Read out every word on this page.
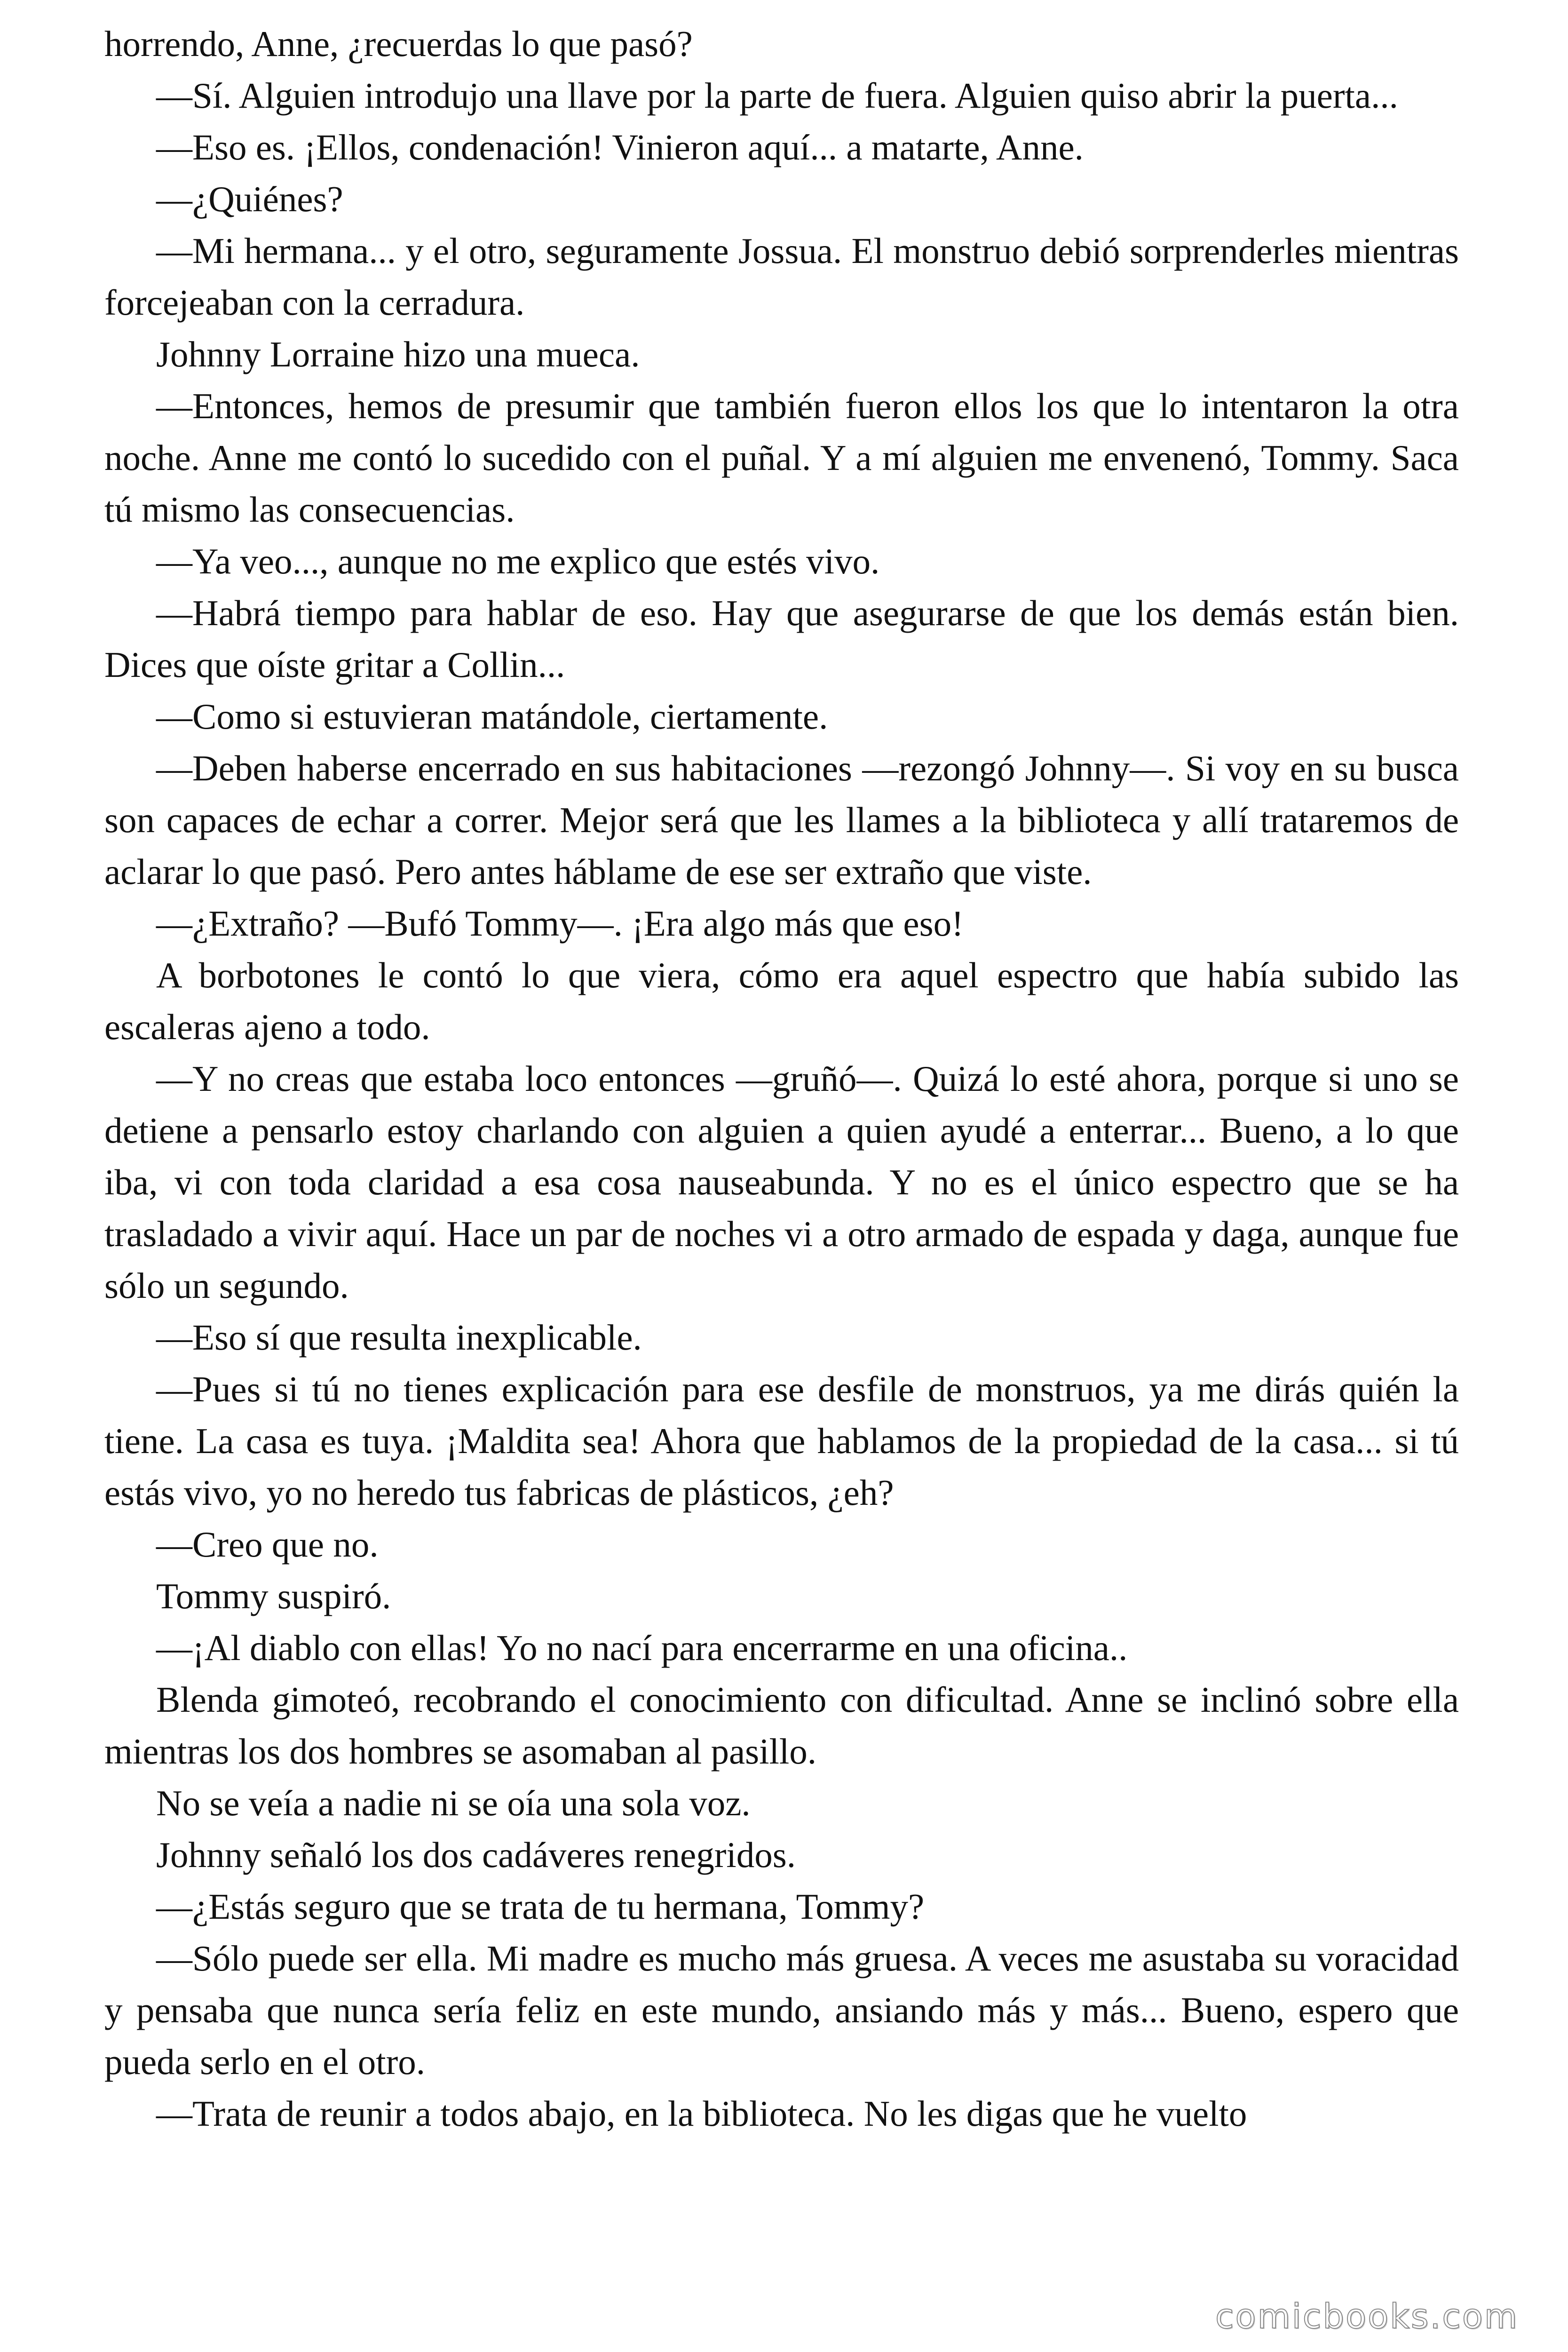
horrendo, Anne, ¿recuerdas lo que pasó?

—Sí. Alguien introdujo una llave por la parte de fuera. Alguien quiso abrir la puerta...

—Eso es. ¡Ellos, condenación! Vinieron aquí... a matarte, Anne.

—¿Quiénes?

—Mi hermana... y el otro, seguramente Jossua. El monstruo debió sorprenderles mientras forcejeaban con la cerradura.

Johnny Lorraine hizo una mueca.

—Entonces, hemos de presumir que también fueron ellos los que lo intentaron la otra noche. Anne me contó lo sucedido con el puñal. Y a mí alguien me envenenó, Tommy. Saca tú mismo las consecuencias.

—Ya veo..., aunque no me explico que estés vivo.

—Habrá tiempo para hablar de eso. Hay que asegurarse de que los demás están bien. Dices que oíste gritar a Collin...

—Como si estuvieran matándole, ciertamente.

—Deben haberse encerrado en sus habitaciones —rezongó Johnny—. Si voy en su busca son capaces de echar a correr. Mejor será que les llames a la biblioteca y allí trataremos de aclarar lo que pasó. Pero antes háblame de ese ser extraño que viste.

—¿Extraño? —Bufó Tommy—. ¡Era algo más que eso!

A borbotones le contó lo que viera, cómo era aquel espectro que había subido las escaleras ajeno a todo.

—Y no creas que estaba loco entonces —gruñó—. Quizá lo esté ahora, porque si uno se detiene a pensarlo estoy charlando con alguien a quien ayudé a enterrar... Bueno, a lo que iba, vi con toda claridad a esa cosa nauseabunda. Y no es el único espectro que se ha trasladado a vivir aquí. Hace un par de noches vi a otro armado de espada y daga, aunque fue sólo un segundo.

—Eso sí que resulta inexplicable.

—Pues si tú no tienes explicación para ese desfile de monstruos, ya me dirás quién la tiene. La casa es tuya. ¡Maldita sea! Ahora que hablamos de la propiedad de la casa... si tú estás vivo, yo no heredo tus fabricas de plásticos, ¿eh?

—Creo que no.

Tommy suspiró.

—¡Al diablo con ellas! Yo no nací para encerrarme en una oficina..

Blenda gimoteó, recobrando el conocimiento con dificultad. Anne se inclinó sobre ella mientras los dos hombres se asomaban al pasillo.

No se veía a nadie ni se oía una sola voz.

Johnny señaló los dos cadáveres renegridos.

—¿Estás seguro que se trata de tu hermana, Tommy?

—Sólo puede ser ella. Mi madre es mucho más gruesa. A veces me asustaba su voracidad y pensaba que nunca sería feliz en este mundo, ansiando más y más... Bueno, espero que pueda serlo en el otro.

—Trata de reunir a todos abajo, en la biblioteca. No les digas que he vuelto

comicbooks.com
